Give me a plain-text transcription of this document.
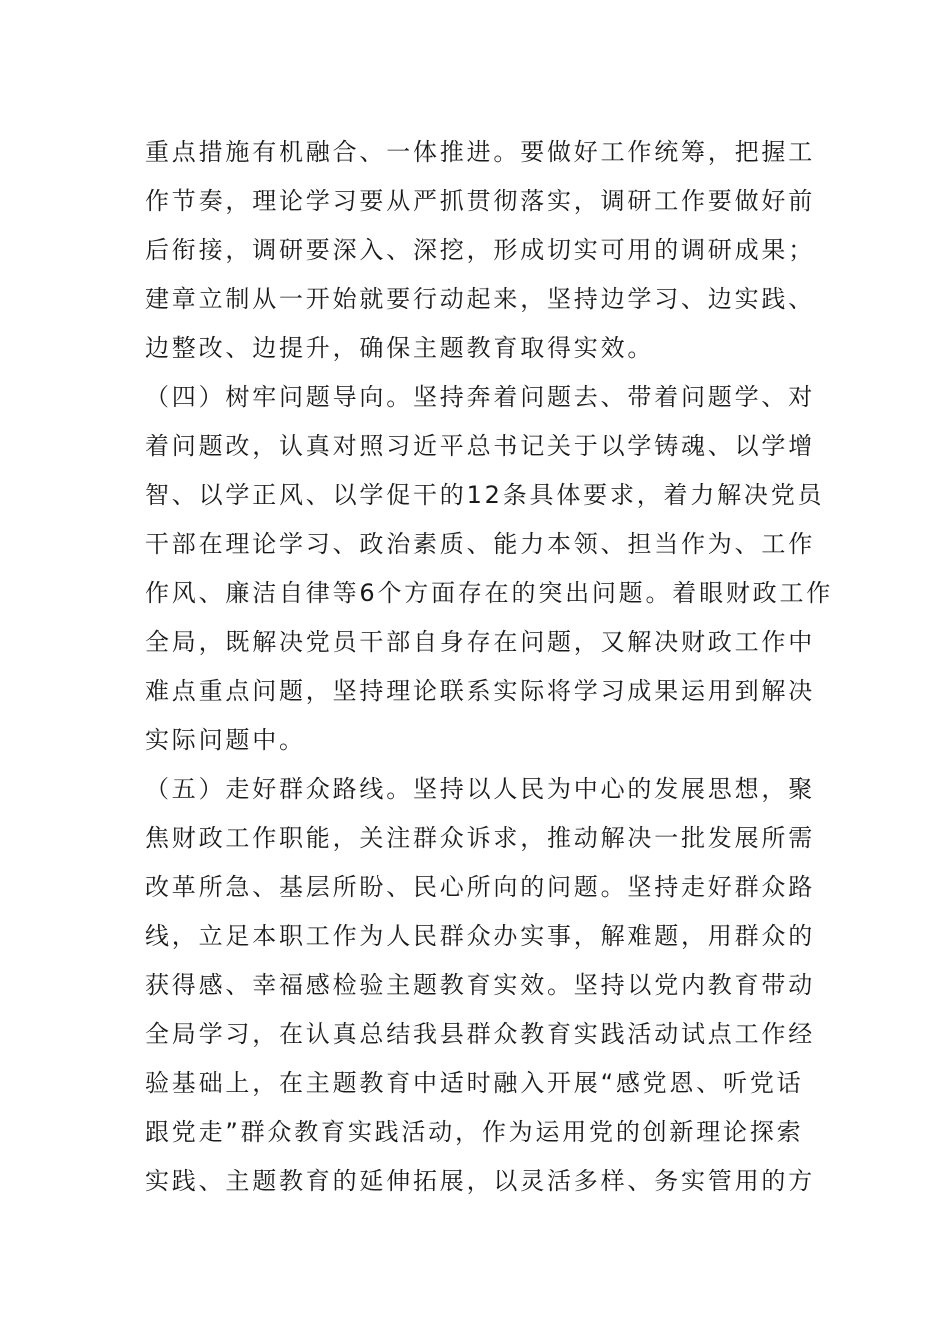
重点措施有机融合、一体推进。要做好工作统筹，把握工
作节奏，理论学习要从严抓贯彻落实，调研工作要做好前
后衔接，调研要深入、深挖，形成切实可用的调研成果；
建章立制从一开始就要行动起来，坚持边学习、边实践、
边整改、边提升，确保主题教育取得实效。
（四）树牢问题导向。坚持奔着问题去、带着问题学、对
着问题改，认真对照习近平总书记关于以学铸魂、以学增
智、以学正风、以学促干的12条具体要求，着力解决党员
干部在理论学习、政治素质、能力本领、担当作为、工作
作风、廉洁自律等6个方面存在的突出问题。着眼财政工作
全局，既解决党员干部自身存在问题，又解决财政工作中
难点重点问题，坚持理论联系实际将学习成果运用到解决
实际问题中。
（五）走好群众路线。坚持以人民为中心的发展思想，聚
焦财政工作职能，关注群众诉求，推动解决一批发展所需
改革所急、基层所盼、民心所向的问题。坚持走好群众路
线，立足本职工作为人民群众办实事，解难题，用群众的
获得感、幸福感检验主题教育实效。坚持以党内教育带动
全局学习，在认真总结我县群众教育实践活动试点工作经
验基础上，在主题教育中适时融入开展“感党恩、听党话
跟党走”群众教育实践活动，作为运用党的创新理论探索
实践、主题教育的延伸拓展，以灵活多样、务实管用的方
